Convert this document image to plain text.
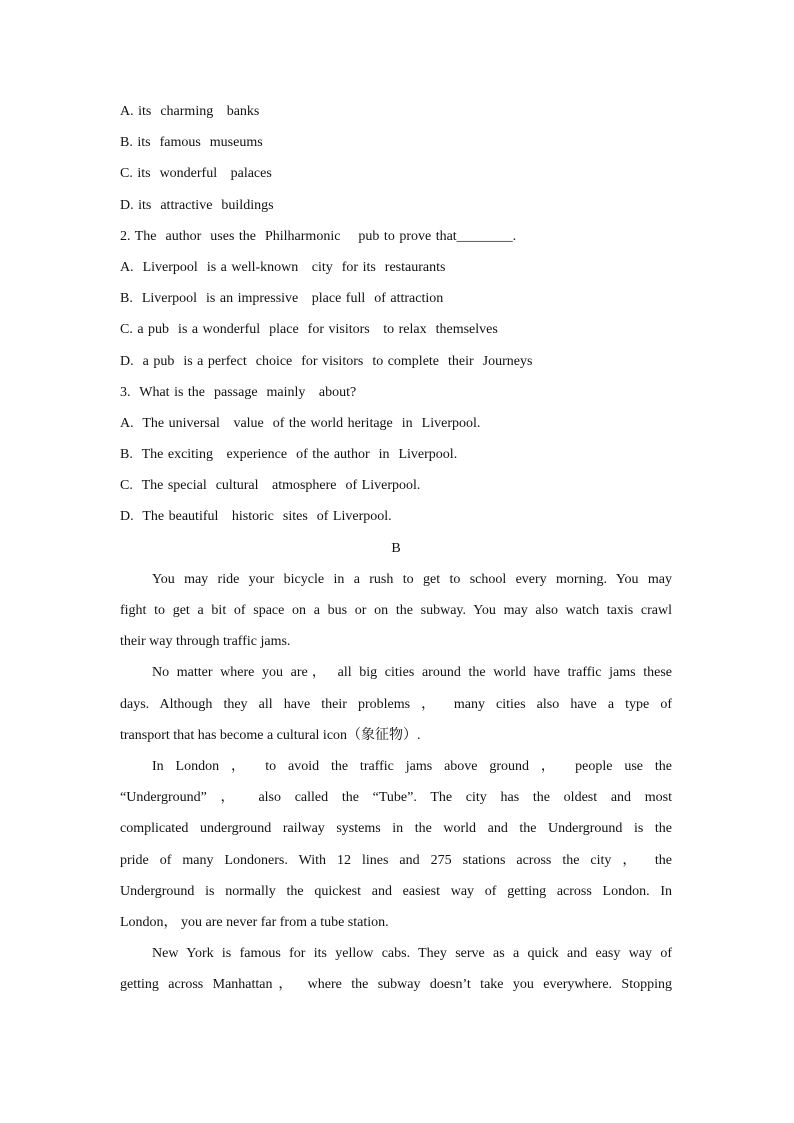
A. its  charming   banks
B. its  famous  museums
C. its  wonderful   palaces
D. its  attractive  buildings
2. The  author  uses the  Philharmonic    pub to prove that________.
A.  Liverpool  is a well-known   city  for its  restaurants
B.  Liverpool  is an impressive   place full  of attraction
C. a pub  is a wonderful  place  for visitors   to relax  themselves
D.  a pub  is a perfect  choice  for visitors  to complete  their  Journeys
3.  What is the  passage  mainly   about?
A.  The universal   value  of the world heritage  in  Liverpool.
B.  The exciting   experience  of the author  in  Liverpool.
C.  The special  cultural   atmosphere  of Liverpool.
D.  The beautiful   historic  sites  of Liverpool.
B
You may ride your bicycle in a rush to get to school every morning. You may
fight to get a bit of space on a bus or on the subway. You may also watch taxis crawl
their way through traffic jams.
No matter where you are， all big cities around the world have traffic jams these
days. Although they all have their problems ， many cities also have a type of
transport that has become a cultural icon（象征物）.
In London ， to avoid the traffic jams above ground ， people use the
“Underground” ， also called the “Tube”. The city has the oldest and most
complicated underground railway systems in the world and the Underground is the
pride of many Londoners. With 12 lines and 275 stations across the city ， the
Underground is normally the quickest and easiest way of getting across London. In
London， you are never far from a tube station.
New York is famous for its yellow cabs. They serve as a quick and easy way of
getting across Manhattan， where the subway doesn’t take you everywhere. Stopping
